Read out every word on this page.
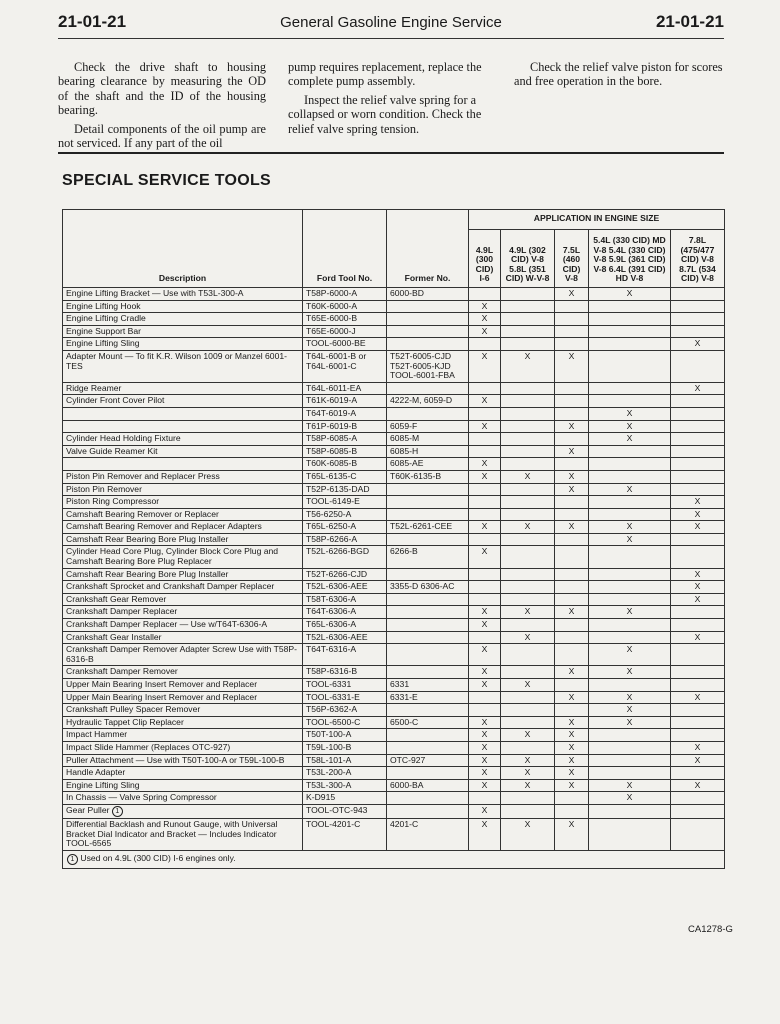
21-01-21	General Gasoline Engine Service	21-01-21

Check the drive shaft to housing bearing clearance by measuring the OD of the shaft and the ID of the housing bearing.

Detail components of the oil pump are not serviced. If any part of the oil

pump requires replacement, replace the complete pump assembly.

Inspect the relief valve spring for a collapsed or worn condition. Check the relief valve spring tension.

Check the relief valve piston for scores and free operation in the bore.

SPECIAL SERVICE TOOLS
Description	Ford Tool No.	Former No.	APPLICATION IN ENGINE SIZE				
			4.9L (300 CID) I-6	4.9L (302 CID) V-8 5.8L (351 CID) W-V-8	7.5L (460 CID) V-8	5.4L (330 CID) MD V-8 5.4L (330 CID) V-8 5.9L (361 CID) V-8 6.4L (391 CID) HD V-8	7.8L (475/477 CID) V-8 8.7L (534 CID) V-8
Engine Lifting Bracket — Use with T53L-300-A	T58P-6000-A	6000-BD			X	X	
Engine Lifting Hook	T60K-6000-A		X				
Engine Lifting Cradle	T65E-6000-B		X				
Engine Support Bar	T65E-6000-J		X				
Engine Lifting Sling	TOOL-6000-BE						X
Adapter Mount — To fit K.R. Wilson 1009 or Manzel 6001-TES	T64L-6001-B or T64L-6001-C	T52T-6005-CJD T52T-6005-KJD TOOL-6001-FBA	X	X	X		
Ridge Reamer	T64L-6011-EA						X
Cylinder Front Cover Pilot	T61K-6019-A	4222-M, 6059-D	X				
	T64T-6019-A					X	
	T61P-6019-B	6059-F	X		X	X	
Cylinder Head Holding Fixture	T58P-6085-A	6085-M				X	
Valve Guide Reamer Kit	T58P-6085-B	6085-H			X		
	T60K-6085-B	6085-AE	X				
Piston Pin Remover and Replacer Press	T65L-6135-C	T60K-6135-B	X	X	X		
Piston Pin Remover	T52P-6135-DAD				X	X	
Piston Ring Compressor	TOOL-6149-E						X
Camshaft Bearing Remover or Replacer	T56-6250-A						X
Camshaft Bearing Remover and Replacer Adapters	T65L-6250-A	T52L-6261-CEE	X	X	X	X	X
Camshaft Rear Bearing Bore Plug Installer	T58P-6266-A					X	
Cylinder Head Core Plug, Cylinder Block Core Plug and Camshaft Bearing Bore Plug Replacer	T52L-6266-BGD	6266-B	X				
Camshaft Rear Bearing Bore Plug Installer	T52T-6266-CJD						X
Crankshaft Sprocket and Crankshaft Damper Replacer	T52L-6306-AEE	3355-D 6306-AC					X
Crankshaft Gear Remover	T58T-6306-A						X
Crankshaft Damper Replacer	T64T-6306-A		X	X	X	X	
Crankshaft Damper Replacer — Use w/T64T-6306-A	T65L-6306-A		X				
Crankshaft Gear Installer	T52L-6306-AEE			X			X
Crankshaft Damper Remover Adapter Screw Use with T58P-6316-B	T64T-6316-A		X			X	
Crankshaft Damper Remover	T58P-6316-B		X		X	X	
Upper Main Bearing Insert Remover and Replacer	TOOL-6331	6331	X	X			
Upper Main Bearing Insert Remover and Replacer	TOOL-6331-E	6331-E			X	X	X
Crankshaft Pulley Spacer Remover	T56P-6362-A					X	
Hydraulic Tappet Clip Replacer	TOOL-6500-C	6500-C	X		X	X	
Impact Hammer	T50T-100-A		X	X	X		
Impact Slide Hammer (Replaces OTC-927)	T59L-100-B		X		X		X
Puller Attachment — Use with T50T-100-A or T59L-100-B	T58L-101-A	OTC-927	X	X	X		X
Handle Adapter	T53L-200-A		X	X	X		
Engine Lifting Sling	T53L-300-A	6000-BA	X	X	X	X	X
In Chassis — Valve Spring Compressor	K-D915					X	
Gear Puller 1	TOOL-OTC-943		X				
Differential Backlash and Runout Gauge, with Universal Bracket Dial Indicator and Bracket — Includes Indicator TOOL-6565	TOOL-4201-C	4201-C	X	X	X		
1 Used on 4.9L (300 CID) I-6 engines only.							
CA1278-G
